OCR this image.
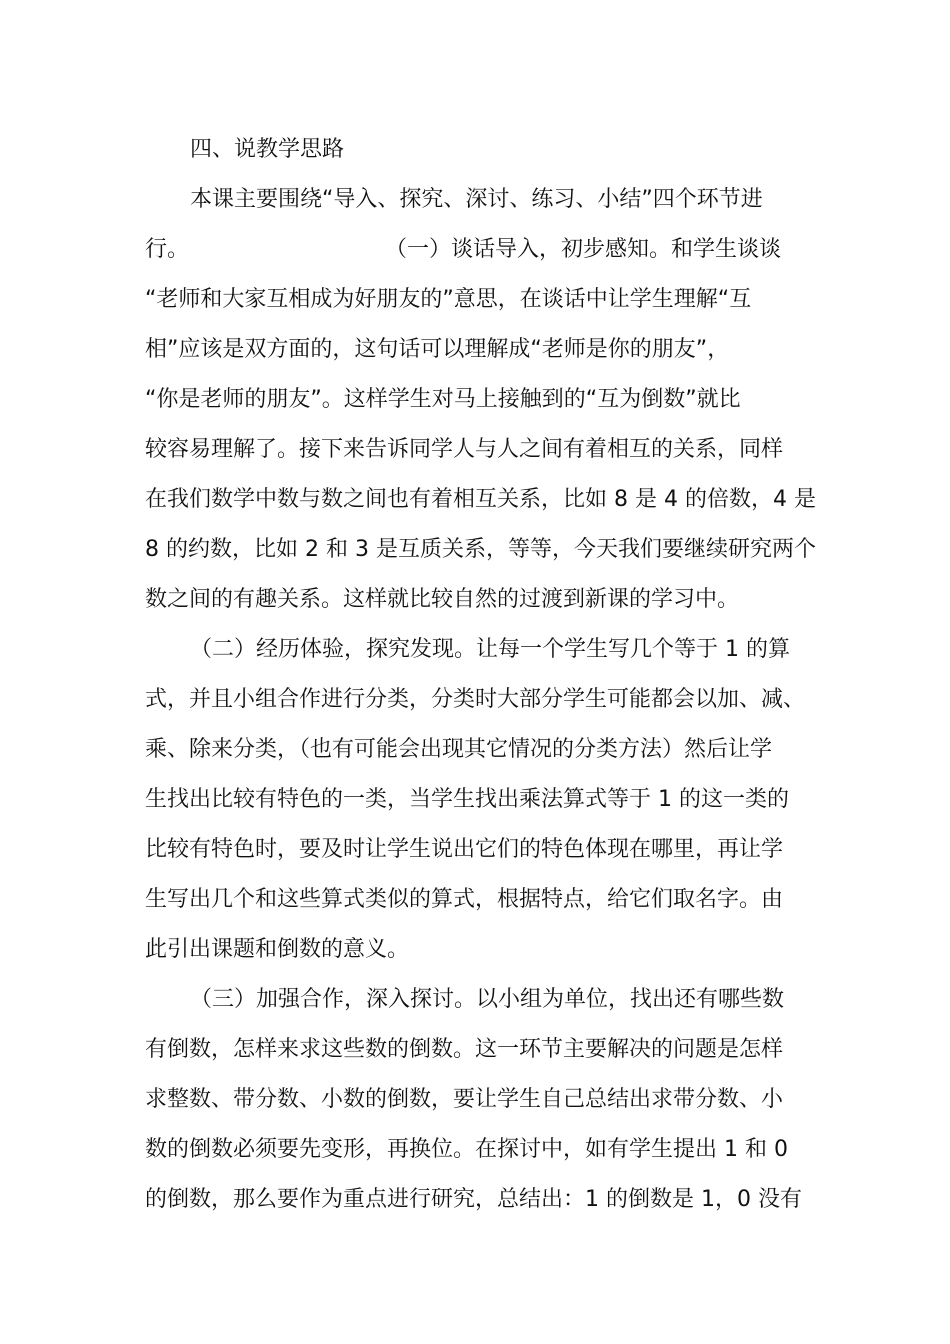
四、说教学思路
本课主要围绕“导入、探究、深讨、练习、小结”四个环节进
行。	（一）谈话导入，初步感知。和学生谈谈
“老师和大家互相成为好朋友的”意思，在谈话中让学生理解“互
相”应该是双方面的，这句话可以理解成“老师是你的朋友”，
“你是老师的朋友”。这样学生对马上接触到的“互为倒数”就比
较容易理解了。接下来告诉同学人与人之间有着相互的关系，同样
在我们数学中数与数之间也有着相互关系，比如 8 是 4 的倍数，4 是
8 的约数，比如 2 和 3 是互质关系，等等，今天我们要继续研究两个
数之间的有趣关系。这样就比较自然的过渡到新课的学习中。
（二）经历体验，探究发现。让每一个学生写几个等于 1 的算
式，并且小组合作进行分类，分类时大部分学生可能都会以加、减、
乘、除来分类，（也有可能会出现其它情况的分类方法）然后让学
生找出比较有特色的一类，当学生找出乘法算式等于 1 的这一类的
比较有特色时，要及时让学生说出它们的特色体现在哪里，再让学
生写出几个和这些算式类似的算式，根据特点，给它们取名字。由
此引出课题和倒数的意义。
（三）加强合作，深入探讨。以小组为单位，找出还有哪些数
有倒数，怎样来求这些数的倒数。这一环节主要解决的问题是怎样
求整数、带分数、小数的倒数，要让学生自己总结出求带分数、小
数的倒数必须要先变形，再换位。在探讨中，如有学生提出 1 和 0
的倒数，那么要作为重点进行研究，总结出：1 的倒数是 1，0 没有
